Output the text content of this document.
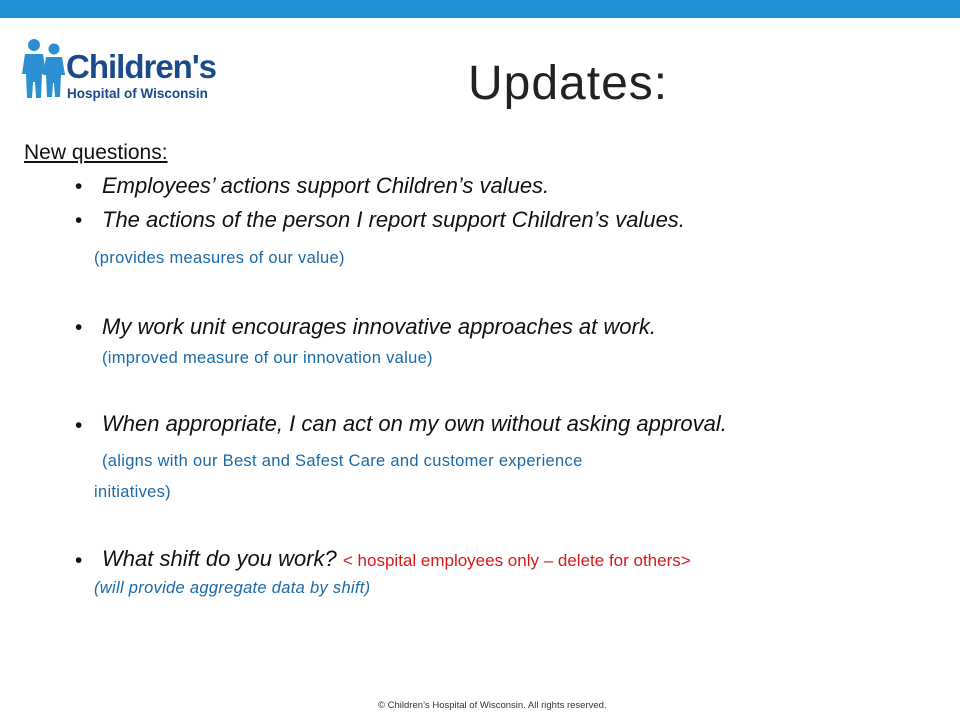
Children's
Hospital of Wisconsin	Updates:
New questions:
• Employees’ actions support Children’s values.
• The actions of the person I report support Children’s values.
(provides measures of our value)
• My work unit encourages innovative approaches at work.
(improved measure of our innovation value)
• When appropriate, I can act on my own without asking approval.
(aligns with our Best and Safest Care and customer experience
initiatives)
• What shift do you work? < hospital employees only – delete for others>
(will provide aggregate data by shift)
© Children’s Hospital of Wisconsin. All rights reserved.
